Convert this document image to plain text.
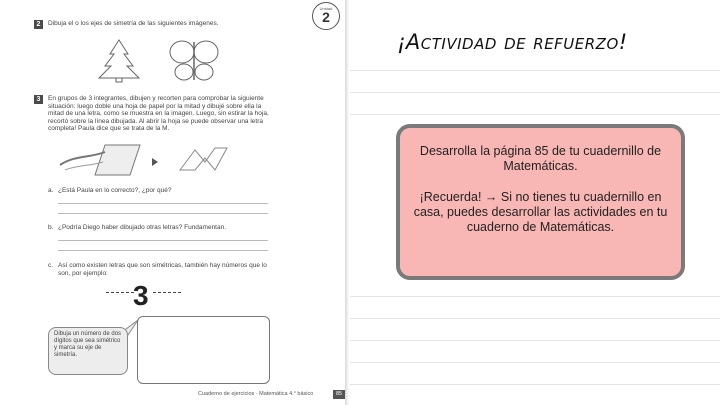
Unidad
2
2	Dibuja el o los ejes de simetría de las siguientes imágenes.
3	En grupos de 3 integrantes, dibujen y recorten para comprobar la siguiente situación: luego doble una hoja de papel por la mitad y dibujé sobre ella la mitad de una letra, como se muestra en la imagen. Luego, sin estirar la hoja, recortó sobre la línea dibujada. Al abrir la hoja se puede observar una letra completa! Paula dice que se trata de la M.
a. ¿Está Paula en lo correcto?, ¿por qué?
b. ¿Podría Diego haber dibujado otras letras? Fundamentan.
c. Así como existen letras que son simétricas, también hay números que lo son, por ejemplo:
3
Dibuja un número de dos dígitos que sea simétrico y marca su eje de simetría.
Cuaderno de ejercicios · Matemática 4.° básico	85
¡Actividad de refuerzo!

Desarrolla la página 85 de tu cuadernillo de Matemáticas.

¡Recuerda! → Si no tienes tu cuadernillo en casa, puedes desarrollar las actividades en tu cuaderno de Matemáticas.
